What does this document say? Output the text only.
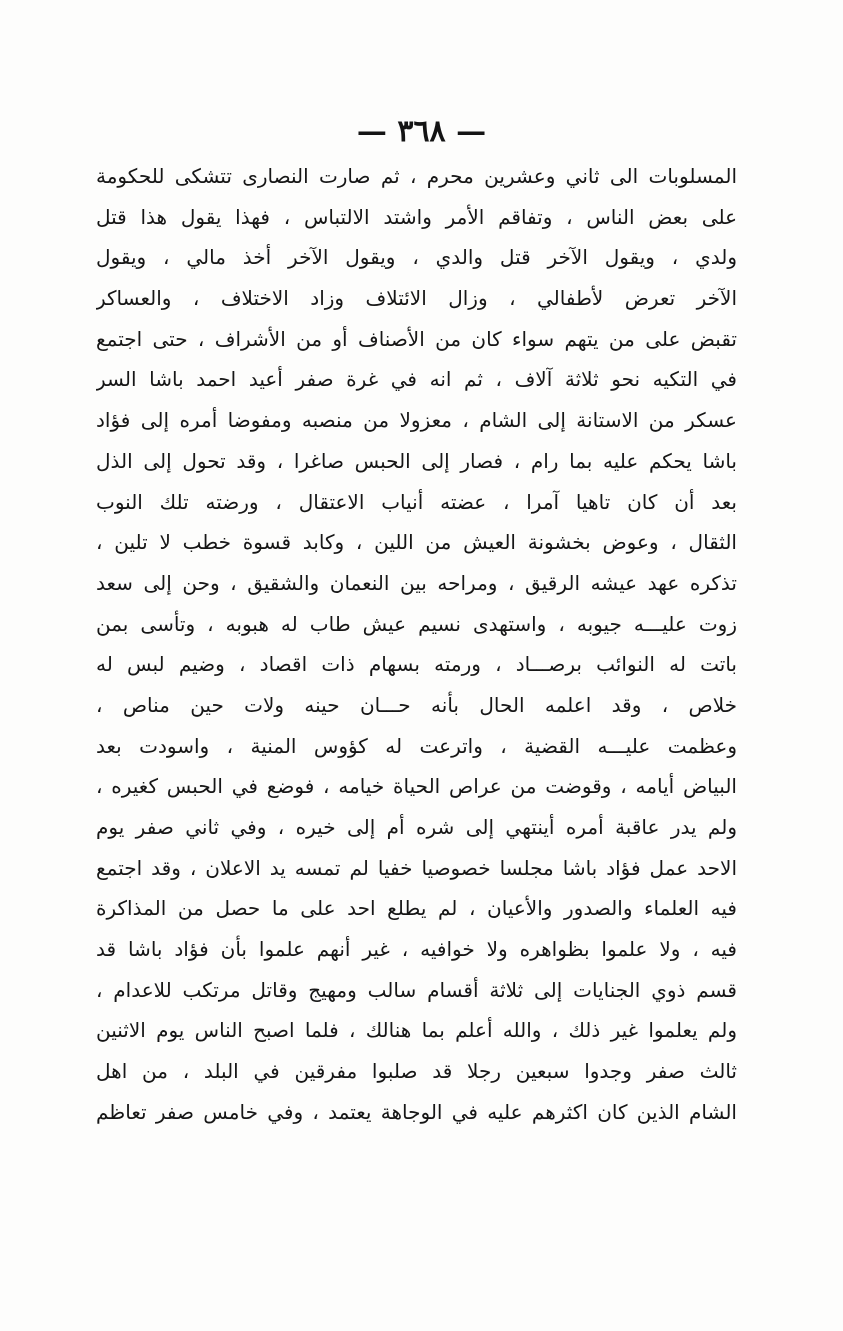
— ٣٦٨ —
المسلوبات الى ثاني وعشرين محرم ، ثم صارت النصارى تتشكى للحكومة
على بعض الناس ، وتفاقم الأمر واشتد الالتباس ، فهذا يقول هذا قتل
ولدي ، ويقول الآخر قتل والدي ، ويقول الآخر أخذ مالي ، ويقول
الآخر تعرض لأطفالي ، وزال الائتلاف وزاد الاختلاف ، والعساكر
تقبض على من يتهم سواء كان من الأصناف أو من الأشراف ، حتى اجتمع
في التكيه نحو ثلاثة آلاف ، ثم انه في غرة صفر أعيد احمد باشا السر
عسكر من الاستانة إلى الشام ، معزولا من منصبه ومفوضا أمره إلى فؤاد
باشا يحكم عليه بما رام ، فصار إلى الحبس صاغرا ، وقد تحول إلى الذل
بعد أن كان تاهيا آمرا ، عضته أنياب الاعتقال ، ورضته تلك النوب
الثقال ، وعوض بخشونة العيش من اللين ، وكابد قسوة خطب لا تلين ،
تذكره عهد عيشه الرقيق ، ومراحه بين النعمان والشقيق ، وحن إلى سعد
زوت عليـــه جيوبه ، واستهدى نسيم عيش طاب له هبوبه ، وتأسى بمن
باتت له النوائب برصـــاد ، ورمته بسهام ذات اقصاد ، وضيم لبس له
خلاص ، وقد اعلمه الحال بأنه حـــان حينه ولات حين مناص ،
وعظمت عليـــه القضية ، واترعت له كؤوس المنية ، واسودت بعد
البياض أيامه ، وقوضت من عراص الحياة خيامه ، فوضع في الحبس كغيره ،
ولم يدر عاقبة أمره أينتهي إلى شره أم إلى خيره ، وفي ثاني صفر يوم
الاحد عمل فؤاد باشا مجلسا خصوصيا خفيا لم تمسه يد الاعلان ، وقد اجتمع
فيه العلماء والصدور والأعيان ، لم يطلع احد على ما حصل من المذاكرة
فيه ، ولا علموا بظواهره ولا خوافيه ، غير أنهم علموا بأن فؤاد باشا قد
قسم ذوي الجنايات إلى ثلاثة أقسام سالب ومهيج وقاتل مرتكب للاعدام ،
ولم يعلموا غير ذلك ، والله أعلم بما هنالك ، فلما اصبح الناس يوم الاثنين
ثالث صفر وجدوا سبعين رجلا قد صلبوا مفرقين في البلد ، من اهل
الشام الذين كان اكثرهم عليه في الوجاهة يعتمد ، وفي خامس صفر تعاظم
